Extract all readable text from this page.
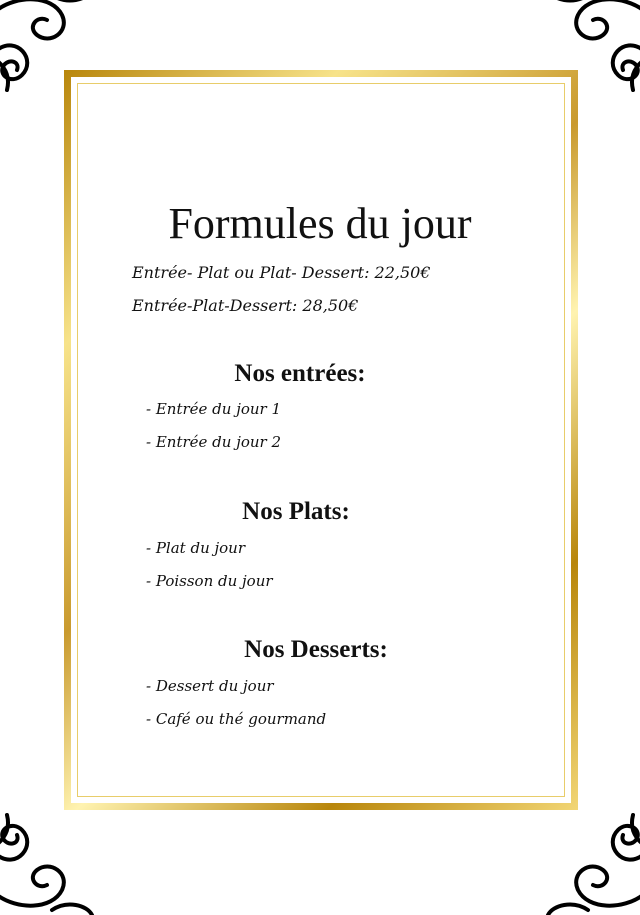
Formules du jour

Entrée- Plat ou Plat- Dessert: 22,50€

Entrée-Plat-Dessert: 28,50€

Nos entrées:

- Entrée du jour 1

- Entrée du jour 2

Nos Plats:

- Plat du jour

- Poisson du jour

Nos Desserts:

- Dessert du jour

- Café ou thé gourmand
